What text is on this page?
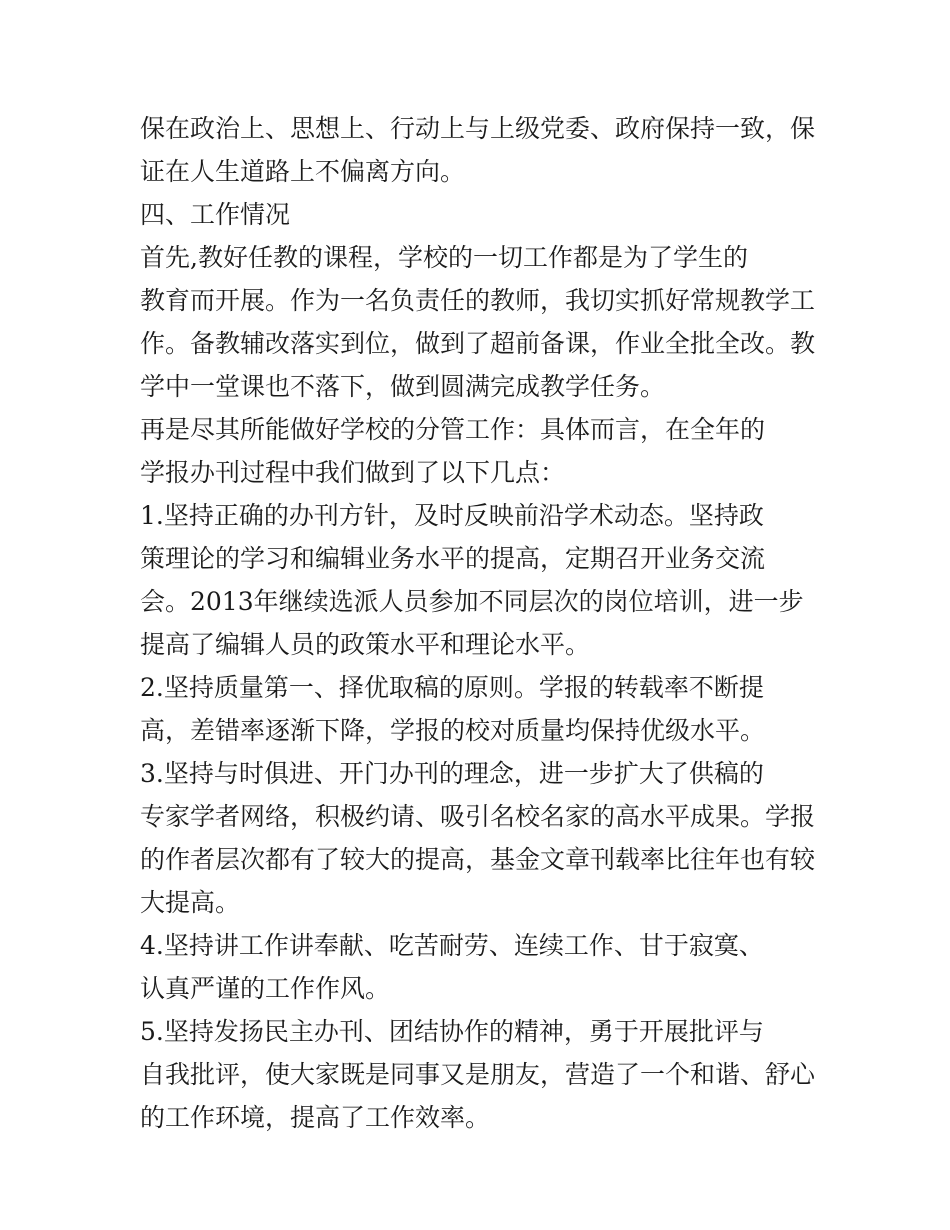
保在政治上、思想上、行动上与上级党委、政府保持一致，保

证在人生道路上不偏离方向。

四、工作情况

首先,教好任教的课程，学校的一切工作都是为了学生的

教育而开展。作为一名负责任的教师，我切实抓好常规教学工

作。备教辅改落实到位，做到了超前备课，作业全批全改。教

学中一堂课也不落下，做到圆满完成教学任务。

再是尽其所能做好学校的分管工作：具体而言，在全年的

学报办刊过程中我们做到了以下几点：

1.坚持正确的办刊方针，及时反映前沿学术动态。坚持政

策理论的学习和编辑业务水平的提高，定期召开业务交流

会。2013年继续选派人员参加不同层次的岗位培训，进一步

提高了编辑人员的政策水平和理论水平。

2.坚持质量第一、择优取稿的原则。学报的转载率不断提

高，差错率逐渐下降，学报的校对质量均保持优级水平。

3.坚持与时俱进、开门办刊的理念，进一步扩大了供稿的

专家学者网络，积极约请、吸引名校名家的高水平成果。学报

的作者层次都有了较大的提高，基金文章刊载率比往年也有较

大提高。

4.坚持讲工作讲奉献、吃苦耐劳、连续工作、甘于寂寞、

认真严谨的工作作风。

5.坚持发扬民主办刊、团结协作的精神，勇于开展批评与

自我批评，使大家既是同事又是朋友，营造了一个和谐、舒心

的工作环境，提高了工作效率。
